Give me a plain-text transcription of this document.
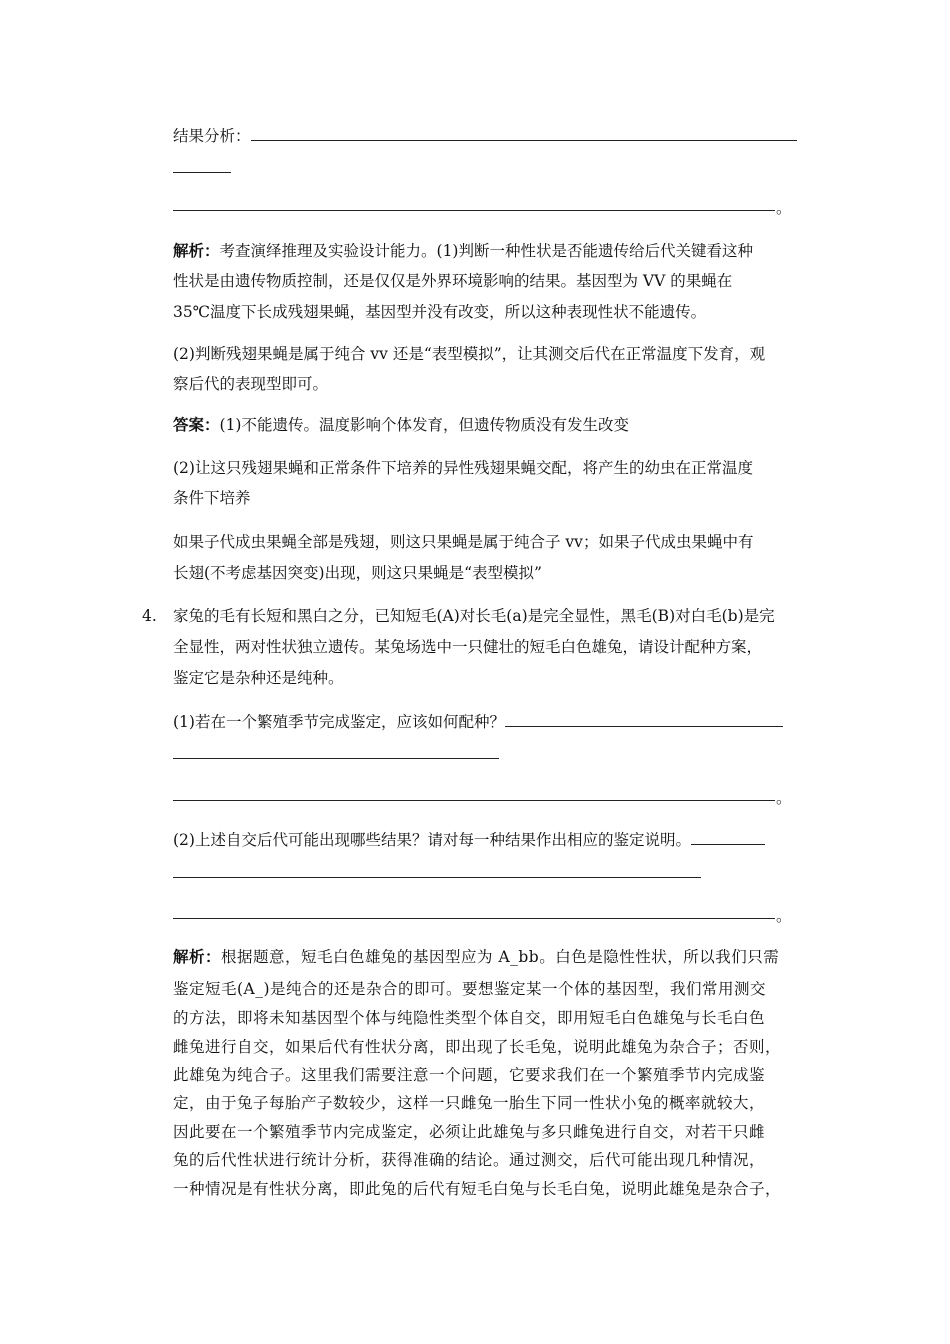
结果分析：
。
解析：考查演绎推理及实验设计能力。(1)判断一种性状是否能遗传给后代关键看这种
性状是由遗传物质控制，还是仅仅是外界环境影响的结果。基因型为 VV 的果蝇在
35℃温度下长成残翅果蝇，基因型并没有改变，所以这种表现性状不能遗传。
(2)判断残翅果蝇是属于纯合 vv 还是“表型模拟”，让其测交后代在正常温度下发育，观
察后代的表现型即可。
答案：(1)不能遗传。温度影响个体发育，但遗传物质没有发生改变
(2)让这只残翅果蝇和正常条件下培养的异性残翅果蝇交配，将产生的幼虫在正常温度
条件下培养
如果子代成虫果蝇全部是残翅，则这只果蝇是属于纯合子 vv；如果子代成虫果蝇中有
长翅(不考虑基因突变)出现，则这只果蝇是“表型模拟”
4. 家兔的毛有长短和黑白之分，已知短毛(A)对长毛(a)是完全显性，黑毛(B)对白毛(b)是完
全显性，两对性状独立遗传。某兔场选中一只健壮的短毛白色雄兔，请设计配种方案，
鉴定它是杂种还是纯种。
(1)若在一个繁殖季节完成鉴定，应该如何配种？
。
(2)上述自交后代可能出现哪些结果？请对每一种结果作出相应的鉴定说明。
。
解析：根据题意，短毛白色雄兔的基因型应为 A_bb。白色是隐性性状，所以我们只需
鉴定短毛(A_)是纯合的还是杂合的即可。要想鉴定某一个体的基因型，我们常用测交
的方法，即将未知基因型个体与纯隐性类型个体自交，即用短毛白色雄兔与长毛白色
雌兔进行自交，如果后代有性状分离，即出现了长毛兔，说明此雄兔为杂合子；否则，
此雄兔为纯合子。这里我们需要注意一个问题，它要求我们在一个繁殖季节内完成鉴
定，由于兔子每胎产子数较少，这样一只雌兔一胎生下同一性状小兔的概率就较大，
因此要在一个繁殖季节内完成鉴定，必须让此雄兔与多只雌兔进行自交，对若干只雌
兔的后代性状进行统计分析，获得准确的结论。通过测交，后代可能出现几种情况，
一种情况是有性状分离，即此兔的后代有短毛白兔与长毛白兔，说明此雄兔是杂合子，
